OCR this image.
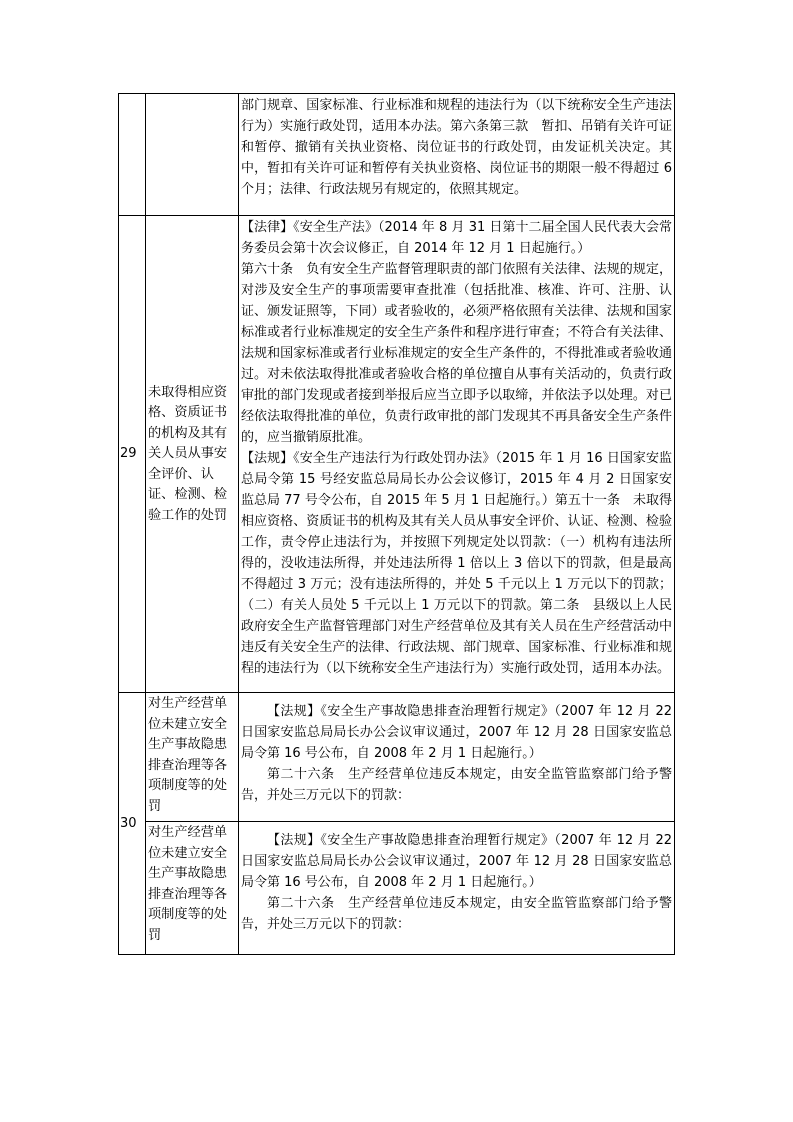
		部门规章、国家标准、行业标准和规程的违法行为（以下统称安全生产违法行为）实施行政处罚，适用本办法。第六条第三款　暂扣、吊销有关许可证和暂停、撤销有关执业资格、岗位证书的行政处罚，由发证机关决定。其中，暂扣有关许可证和暂停有关执业资格、岗位证书的期限一般不得超过 6 个月；法律、行政法规另有规定的，依照其规定。

29	未取得相应资格、资质证书的机构及其有关人员从事安全评价、认证、检测、检验工作的处罚	【法律】《安全生产法》（2014 年 8 月 31 日第十二届全国人民代表大会常务委员会第十次会议修正，自 2014 年 12 月 1 日起施行。）
第六十条　负有安全生产监督管理职责的部门依照有关法律、法规的规定，对涉及安全生产的事项需要审查批准（包括批准、核准、许可、注册、认证、颁发证照等，下同）或者验收的，必须严格依照有关法律、法规和国家标准或者行业标准规定的安全生产条件和程序进行审查；不符合有关法律、法规和国家标准或者行业标准规定的安全生产条件的，不得批准或者验收通过。对未依法取得批准或者验收合格的单位擅自从事有关活动的，负责行政审批的部门发现或者接到举报后应当立即予以取缔，并依法予以处理。对已经依法取得批准的单位，负责行政审批的部门发现其不再具备安全生产条件的，应当撤销原批准。
【法规】《安全生产违法行为行政处罚办法》（2015 年 1 月 16 日国家安监总局令第 15 号经安监总局局长办公会议修订，2015 年 4 月 2 日国家安监总局 77 号令公布，自 2015 年 5 月 1 日起施行。）第五十一条　未取得相应资格、资质证书的机构及其有关人员从事安全评价、认证、检测、检验工作，责令停止违法行为，并按照下列规定处以罚款：（一）机构有违法所得的，没收违法所得，并处违法所得 1 倍以上 3 倍以下的罚款，但是最高不得超过 3 万元；没有违法所得的，并处 5 千元以上 1 万元以下的罚款；（二）有关人员处 5 千元以上 1 万元以下的罚款。第二条　县级以上人民政府安全生产监督管理部门对生产经营单位及其有关人员在生产经营活动中违反有关安全生产的法律、行政法规、部门规章、国家标准、行业标准和规程的违法行为（以下统称安全生产违法行为）实施行政处罚，适用本办法。

30	对生产经营单位未建立安全生产事故隐患排查治理等各项制度等的处罚	【法规】《安全生产事故隐患排查治理暂行规定》（2007 年 12 月 22 日国家安监总局局长办公会议审议通过，2007 年 12 月 28 日国家安监总局令第 16 号公布，自 2008 年 2 月 1 日起施行。）
第二十六条　生产经营单位违反本规定，由安全监管监察部门给予警告，并处三万元以下的罚款：

	对生产经营单位未建立安全生产事故隐患排查治理等各项制度等的处罚	【法规】《安全生产事故隐患排查治理暂行规定》（2007 年 12 月 22 日国家安监总局局长办公会议审议通过，2007 年 12 月 28 日国家安监总局令第 16 号公布，自 2008 年 2 月 1 日起施行。）
第二十六条　生产经营单位违反本规定，由安全监管监察部门给予警告，并处三万元以下的罚款：
